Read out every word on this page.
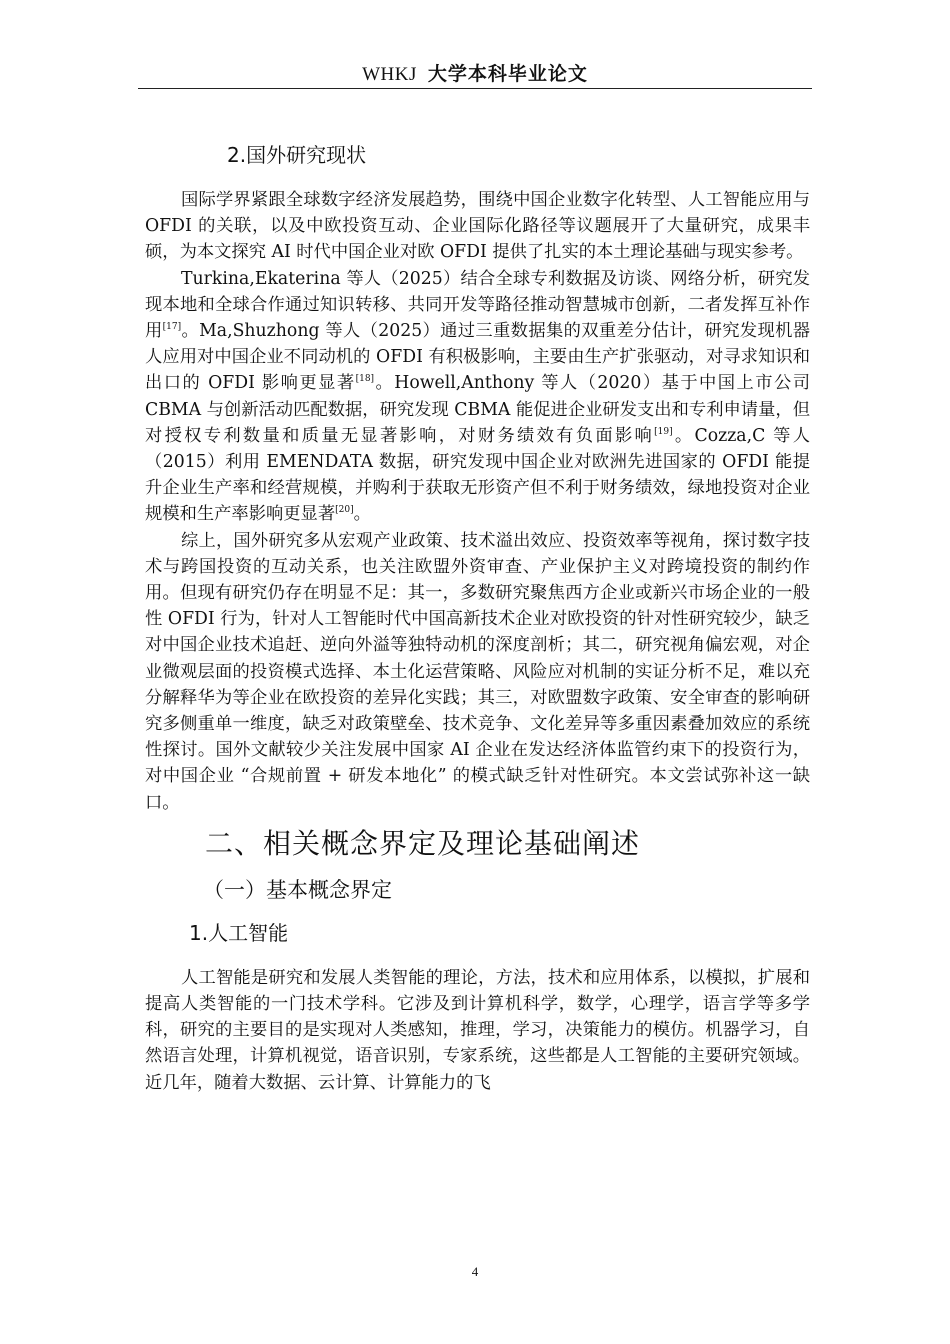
WHKJ 大学本科毕业论文
2.国外研究现状

国际学界紧跟全球数字经济发展趋势，围绕中国企业数字化转型、人工智能应用与 OFDI 的关联，以及中欧投资互动、企业国际化路径等议题展开了大量研究，成果丰硕，为本文探究 AI 时代中国企业对欧 OFDI 提供了扎实的本土理论基础与现实参考。

Turkina,Ekaterina 等人（2025）结合全球专利数据及访谈、网络分析，研究发现本地和全球合作通过知识转移、共同开发等路径推动智慧城市创新，二者发挥互补作用[17]。Ma,Shuzhong 等人（2025）通过三重数据集的双重差分估计，研究发现机器人应用对中国企业不同动机的 OFDI 有积极影响，主要由生产扩张驱动，对寻求知识和出口的 OFDI 影响更显著[18]。Howell,Anthony 等人（2020）基于中国上市公司 CBMA 与创新活动匹配数据，研究发现 CBMA 能促进企业研发支出和专利申请量，但对授权专利数量和质量无显著影响，对财务绩效有负面影响[19]。Cozza,C 等人（2015）利用 EMENDATA 数据，研究发现中国企业对欧洲先进国家的 OFDI 能提升企业生产率和经营规模，并购利于获取无形资产但不利于财务绩效，绿地投资对企业规模和生产率影响更显著[20]。

综上，国外研究多从宏观产业政策、技术溢出效应、投资效率等视角，探讨数字技术与跨国投资的互动关系，也关注欧盟外资审查、产业保护主义对跨境投资的制约作用。但现有研究仍存在明显不足：其一，多数研究聚焦西方企业或新兴市场企业的一般性 OFDI 行为，针对人工智能时代中国高新技术企业对欧投资的针对性研究较少，缺乏对中国企业技术追赶、逆向外溢等独特动机的深度剖析；其二，研究视角偏宏观，对企业微观层面的投资模式选择、本土化运营策略、风险应对机制的实证分析不足，难以充分解释华为等企业在欧投资的差异化实践；其三，对欧盟数字政策、安全审查的影响研究多侧重单一维度，缺乏对政策壁垒、技术竞争、文化差异等多重因素叠加效应的系统性探讨。国外文献较少关注发展中国家 AI 企业在发达经济体监管约束下的投资行为，对中国企业 “合规前置 + 研发本地化” 的模式缺乏针对性研究。本文尝试弥补这一缺口。

二、相关概念界定及理论基础阐述
（一）基本概念界定
1.人工智能

人工智能是研究和发展人类智能的理论，方法，技术和应用体系，以模拟，扩展和提高人类智能的一门技术学科。它涉及到计算机科学，数学，心理学，语言学等多学科，研究的主要目的是实现对人类感知，推理，学习，决策能力的模仿。机器学习，自然语言处理，计算机视觉，语音识别，专家系统，这些都是人工智能的主要研究领域。近几年，随着大数据、云计算、计算能力的飞

4
